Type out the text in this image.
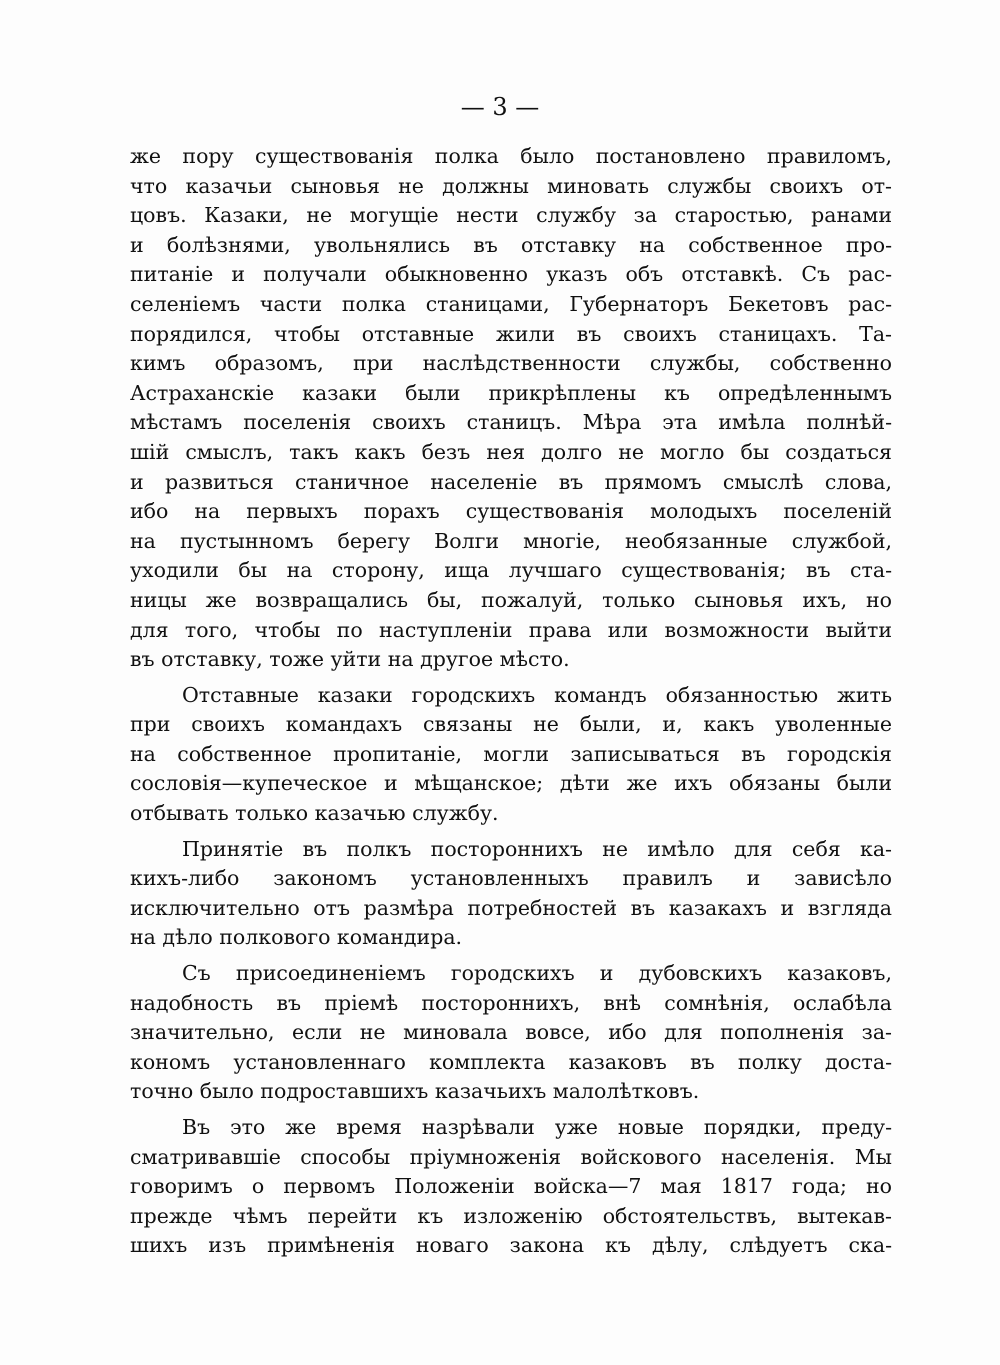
— 3 —

же пору существованія полка было постановлено правиломъ,
что казачьи сыновья не должны миновать службы своихъ от-
цовъ. Казаки, не могущіе нести службу за старостью, ранами
и болѣзнями, увольнялись въ отставку на собственное про-
питаніе и получали обыкновенно указъ объ отставкѣ. Съ рас-
селеніемъ части полка станицами, Губернаторъ Бекетовъ рас-
порядился, чтобы отставные жили въ своихъ станицахъ. Та-
кимъ образомъ, при наслѣдственности службы, собственно
Астраханскіе казаки были прикрѣплены къ опредѣленнымъ
мѣстамъ поселенія своихъ станицъ. Мѣра эта имѣла полнѣй-
шій смыслъ, такъ какъ безъ нея долго не могло бы создаться
и развиться станичное населеніе въ прямомъ смыслѣ слова,
ибо на первыхъ порахъ существованія молодыхъ поселеній
на пустынномъ берегу Волги многіе, необязанные службой,
уходили бы на сторону, ища лучшаго существованія; въ ста-
ницы же возвращались бы, пожалуй, только сыновья ихъ, но
для того, чтобы по наступленіи права или возможности выйти
въ отставку, тоже уйти на другое мѣсто.

Отставные казаки городскихъ командъ обязанностью жить
при своихъ командахъ связаны не были, и, какъ уволенные
на собственное пропитаніе, могли записываться въ городскія
сословія—купеческое и мѣщанское; дѣти же ихъ обязаны были
отбывать только казачью службу.

Принятіе въ полкъ постороннихъ не имѣло для себя ка-
кихъ-либо закономъ установленныхъ правилъ и зависѣло
исключительно отъ размѣра потребностей въ казакахъ и взгляда
на дѣло полкового командира.

Съ присоединеніемъ городскихъ и дубовскихъ казаковъ,
надобность въ пріемѣ постороннихъ, внѣ сомнѣнія, ослабѣла
значительно, если не миновала вовсе, ибо для пополненія за-
кономъ установленнаго комплекта казаковъ въ полку доста-
точно было подроставшихъ казачьихъ малолѣтковъ.

Въ это же время назрѣвали уже новые порядки, преду-
сматривавшіе способы пріумноженія войскового населенія. Мы
говоримъ о первомъ Положеніи войска—7 мая 1817 года; но
прежде чѣмъ перейти къ изложенію обстоятельствъ, вытекав-
шихъ изъ примѣненія новаго закона къ дѣлу, слѣдуетъ ска-
